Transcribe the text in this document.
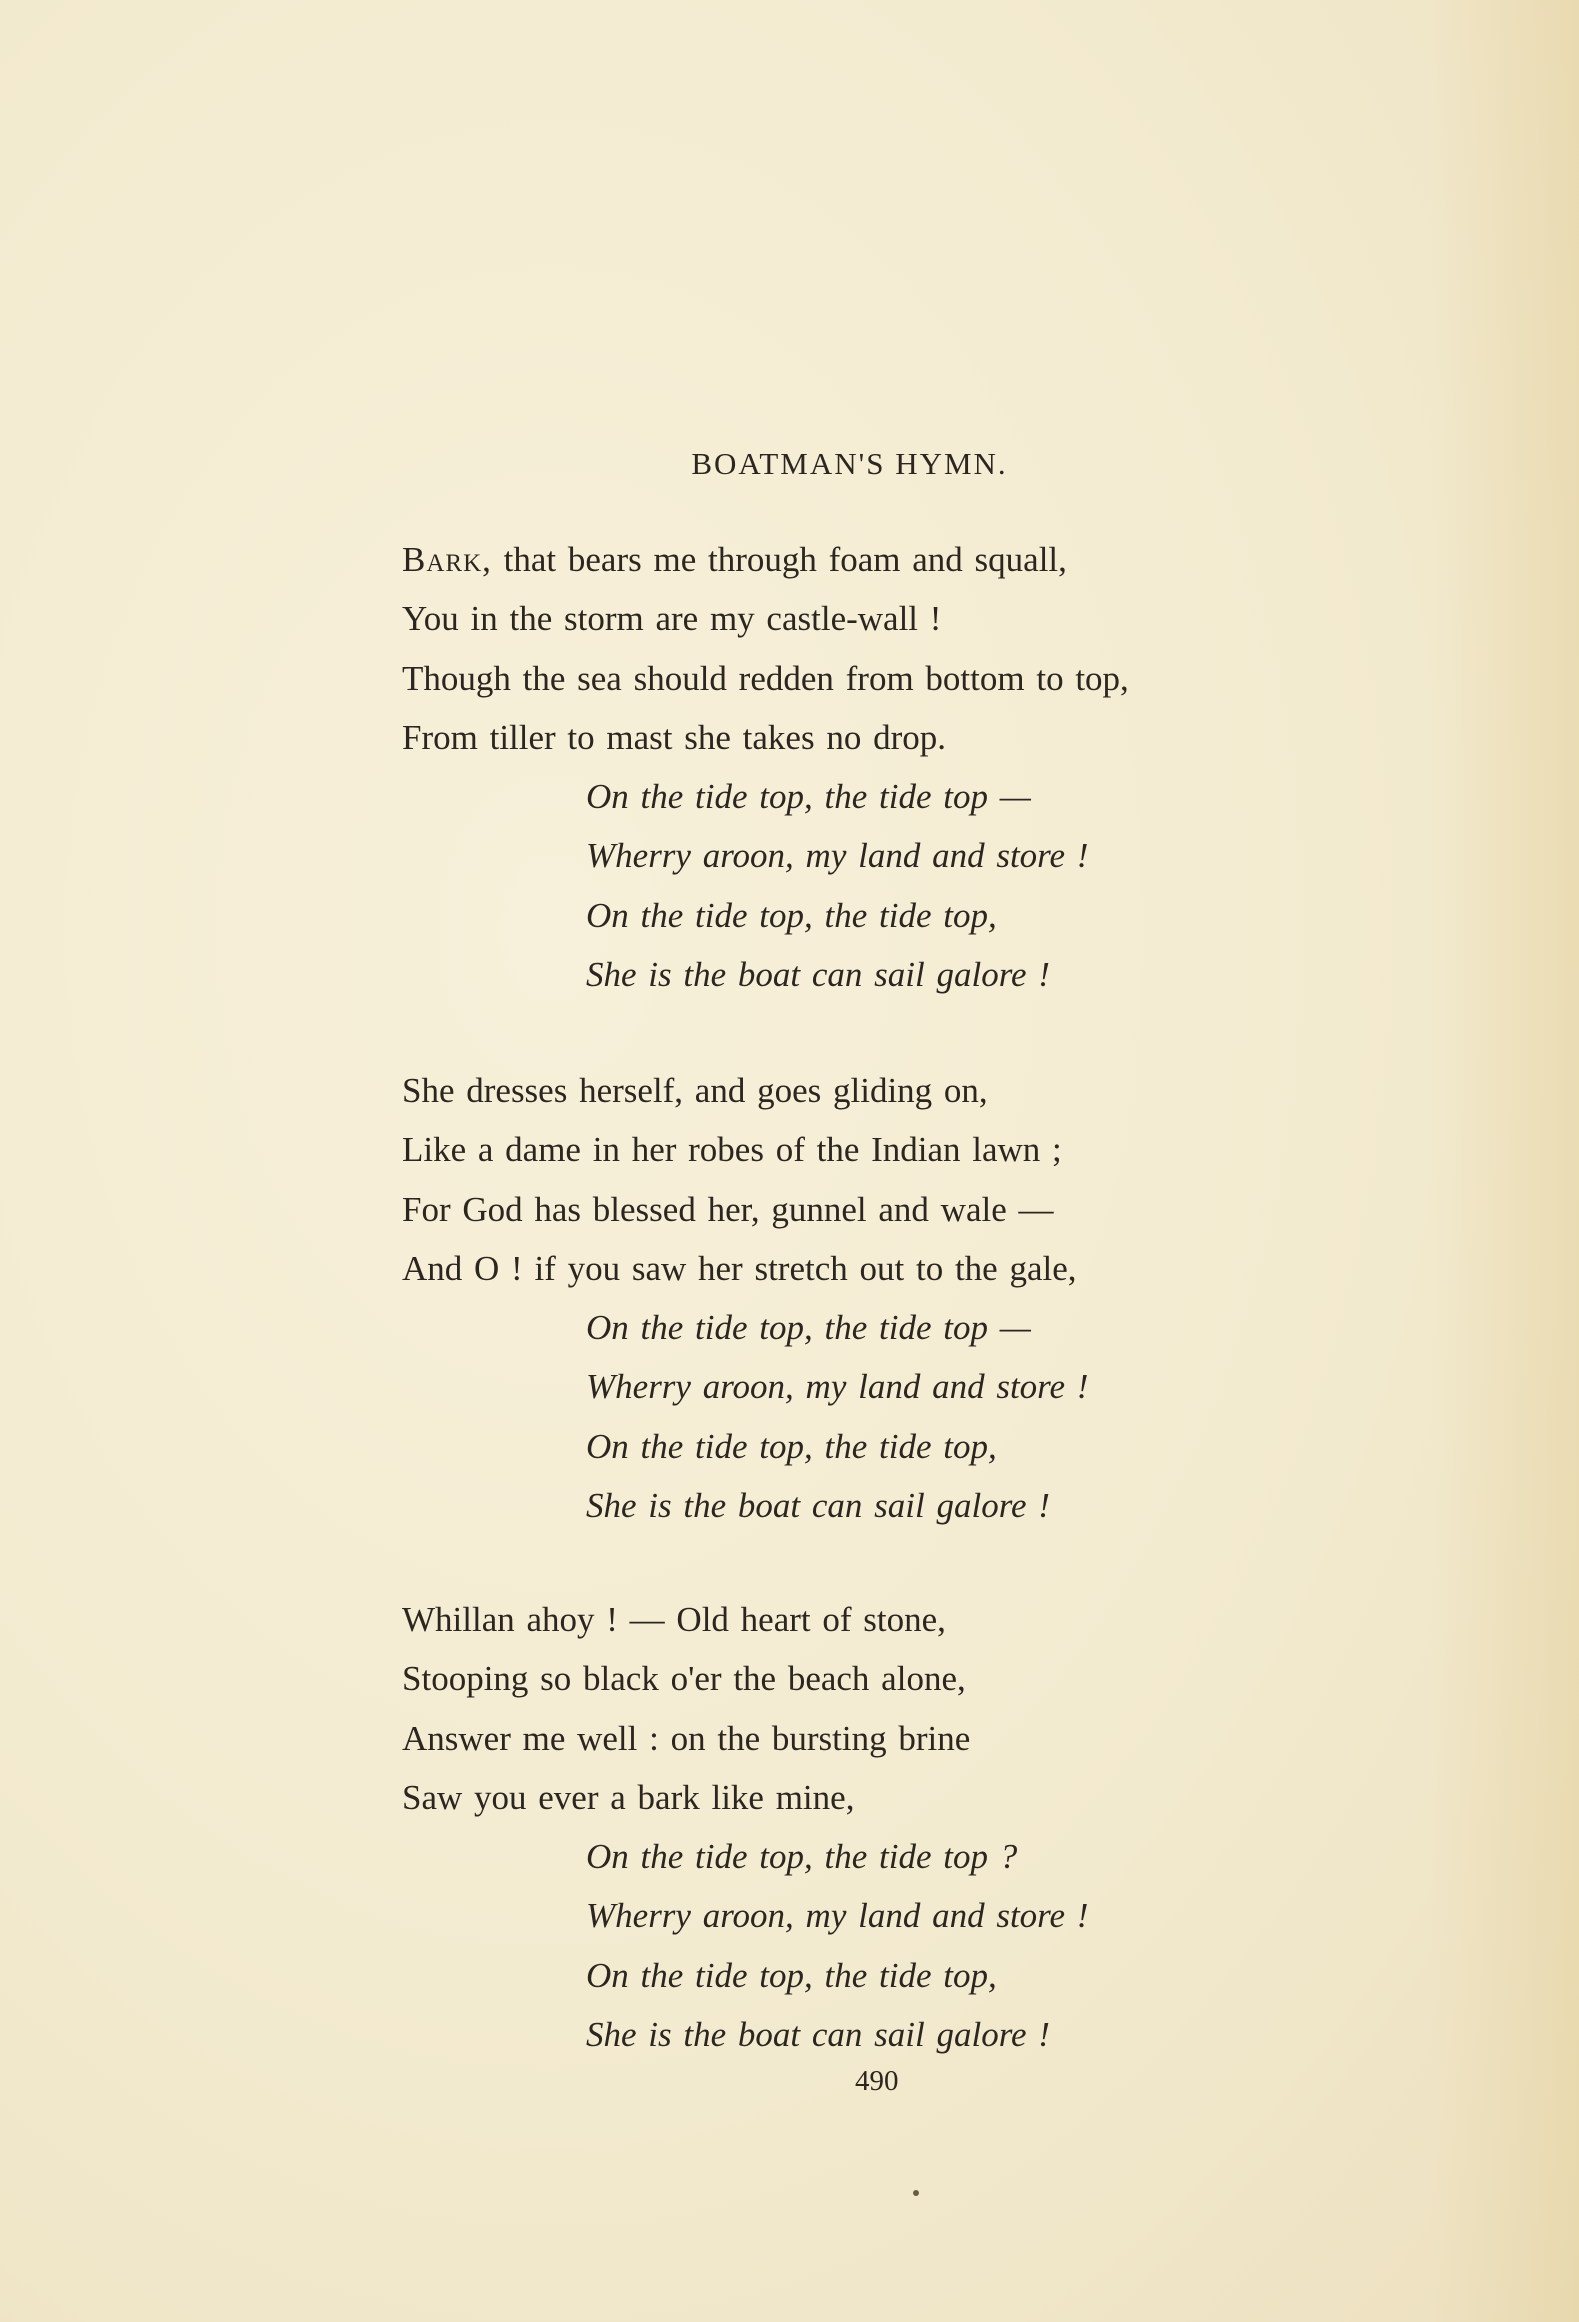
BOATMAN'S HYMN.
Bark, that bears me through foam and squall,
You in the storm are my castle-wall !
Though the sea should redden from bottom to top,
From tiller to mast she takes no drop.
On the tide top, the tide top —
Wherry aroon, my land and store !
On the tide top, the tide top,
She is the boat can sail galore !
She dresses herself, and goes gliding on,
Like a dame in her robes of the Indian lawn ;
For God has blessed her, gunnel and wale —
And O ! if you saw her stretch out to the gale,
On the tide top, the tide top —
Wherry aroon, my land and store !
On the tide top, the tide top,
She is the boat can sail galore !
Whillan ahoy ! — Old heart of stone,
Stooping so black o'er the beach alone,
Answer me well : on the bursting brine
Saw you ever a bark like mine,
On the tide top, the tide top ?
Wherry aroon, my land and store !
On the tide top, the tide top,
She is the boat can sail galore !
490
